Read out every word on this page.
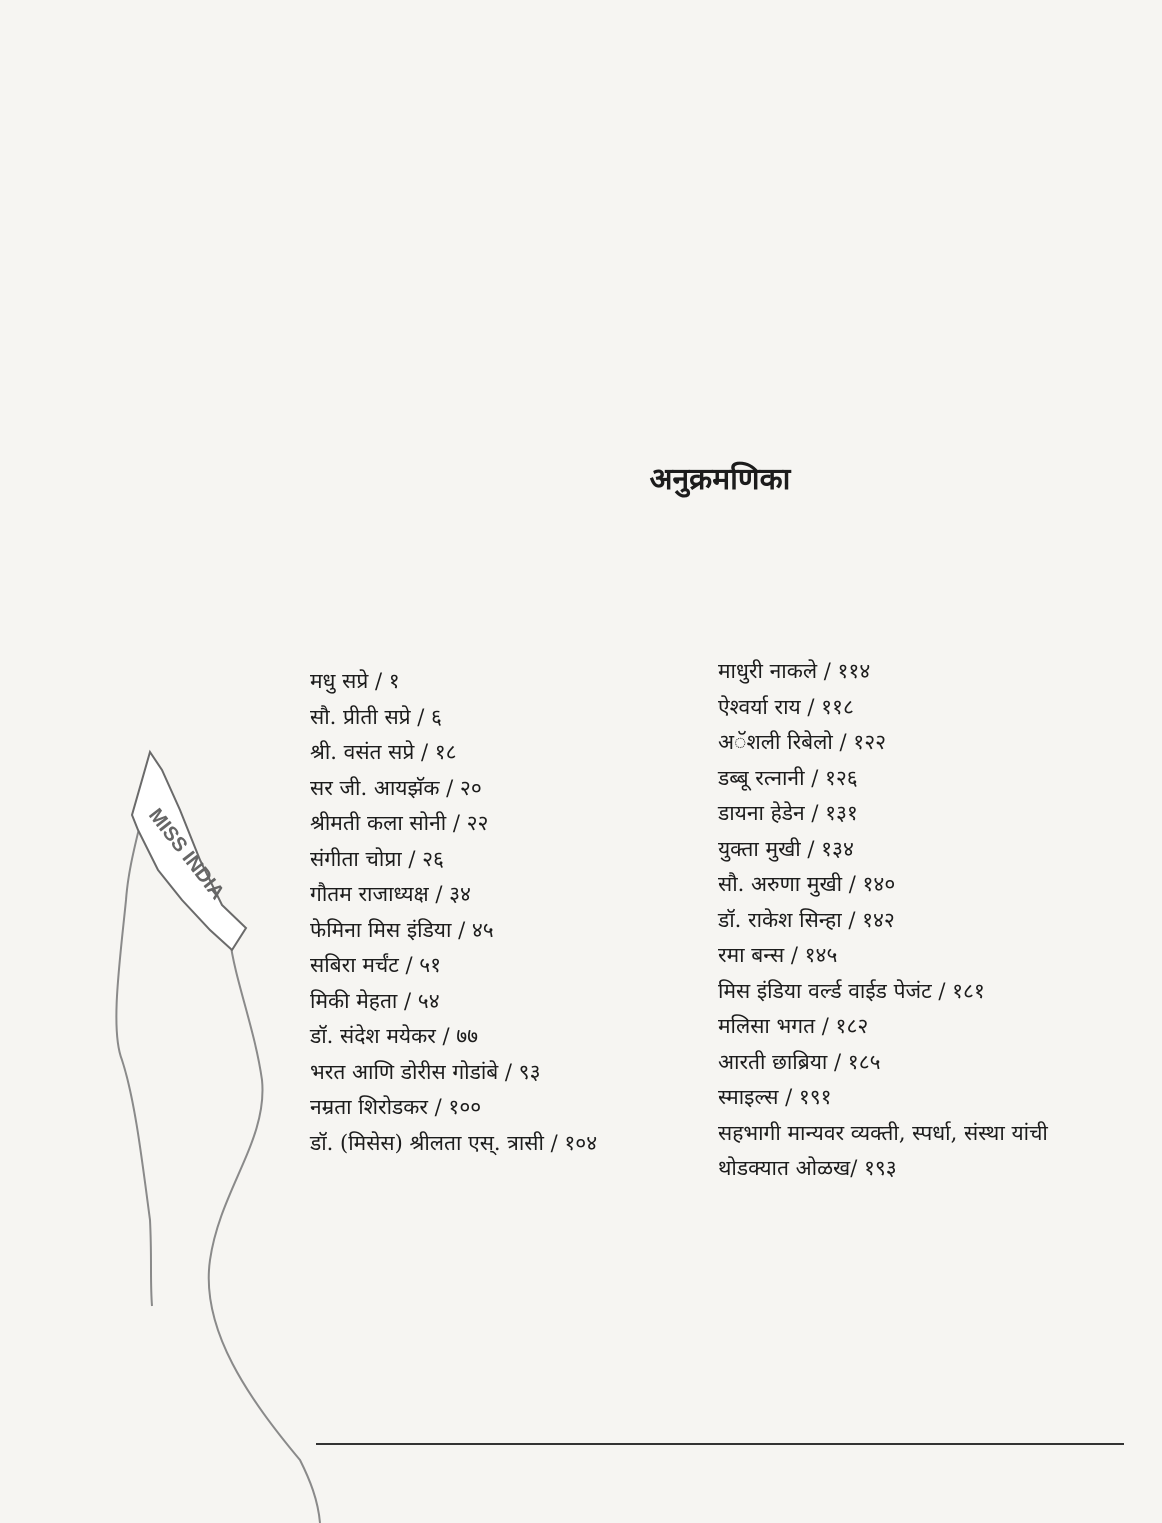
MISS INDIA
अनुक्रमणिका
मधु सप्रे / १
सौ. प्रीती सप्रे / ६
श्री. वसंत सप्रे / १८
सर जी. आयझॅक / २०
श्रीमती कला सोनी / २२
संगीता चोप्रा / २६
गौतम राजाध्यक्ष / ३४
फेमिना मिस इंडिया / ४५
सबिरा मर्चंट / ५१
मिकी मेहता / ५४
डॉ. संदेश मयेकर / ७७
भरत आणि डोरीस गोडांबे / ९३
नम्रता शिरोडकर / १००
डॉ. (मिसेस) श्रीलता एस्. त्रासी / १०४
माधुरी नाकले / ११४
ऐश्वर्या राय / ११८
अॅशली रिबेलो / १२२
डब्बू रत्नानी / १२६
डायना हेडेन / १३१
युक्ता मुखी / १३४
सौ. अरुणा मुखी / १४०
डॉ. राकेश सिन्हा / १४२
रमा बन्स / १४५
मिस इंडिया वर्ल्ड वाईड पेजंट / १८१
मलिसा भगत / १८२
आरती छाब्रिया / १८५
स्माइल्स / १९१
सहभागी मान्यवर व्यक्ती, स्पर्धा, संस्था यांची थोडक्यात ओळख/ १९३
